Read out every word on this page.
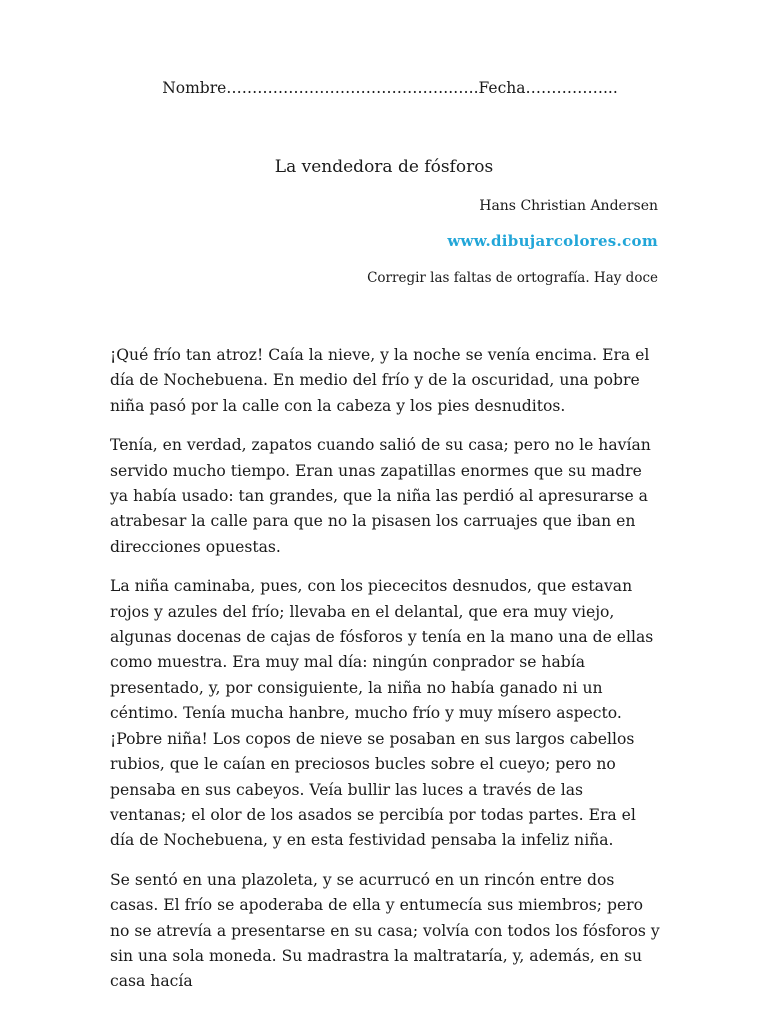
Nombre……………………………………..…..Fecha……………...
La vendedora de fósforos
Hans Christian Andersen
www.dibujarcolores.com
Corregir las faltas de ortografía. Hay doce

¡Qué frío tan atroz! Caía la nieve, y la noche se venía encima. Era el día de Nochebuena. En medio del frío y de la oscuridad, una pobre niña pasó por la calle con la cabeza y los pies desnuditos.

Tenía, en verdad, zapatos cuando salió de su casa; pero no le havían servido mucho tiempo. Eran unas zapatillas enormes que su madre ya había usado: tan grandes, que la niña las perdió al apresurarse a atrabesar la calle para que no la pisasen los carruajes que iban en direcciones opuestas.

La niña caminaba, pues, con los piececitos desnudos, que estavan rojos y azules del frío; llevaba en el delantal, que era muy viejo, algunas docenas de cajas de fósforos y tenía en la mano una de ellas como muestra. Era muy mal día: ningún conprador se había presentado, y, por consiguiente, la niña no había ganado ni un céntimo. Tenía mucha hanbre, mucho frío y muy mísero aspecto. ¡Pobre niña! Los copos de nieve se posaban en sus largos cabellos rubios, que le caían en preciosos bucles sobre el cueyo; pero no pensaba en sus cabeyos. Veía bullir las luces a través de las ventanas; el olor de los asados se percibía por todas partes. Era el día de Nochebuena, y en esta festividad pensaba la infeliz niña.

Se sentó en una plazoleta, y se acurrucó en un rincón entre dos casas. El frío se apoderaba de ella y entumecía sus miembros; pero no se atrevía a presentarse en su casa; volvía con todos los fósforos y sin una sola moneda. Su madrastra la maltrataría, y, además, en su casa hacía
